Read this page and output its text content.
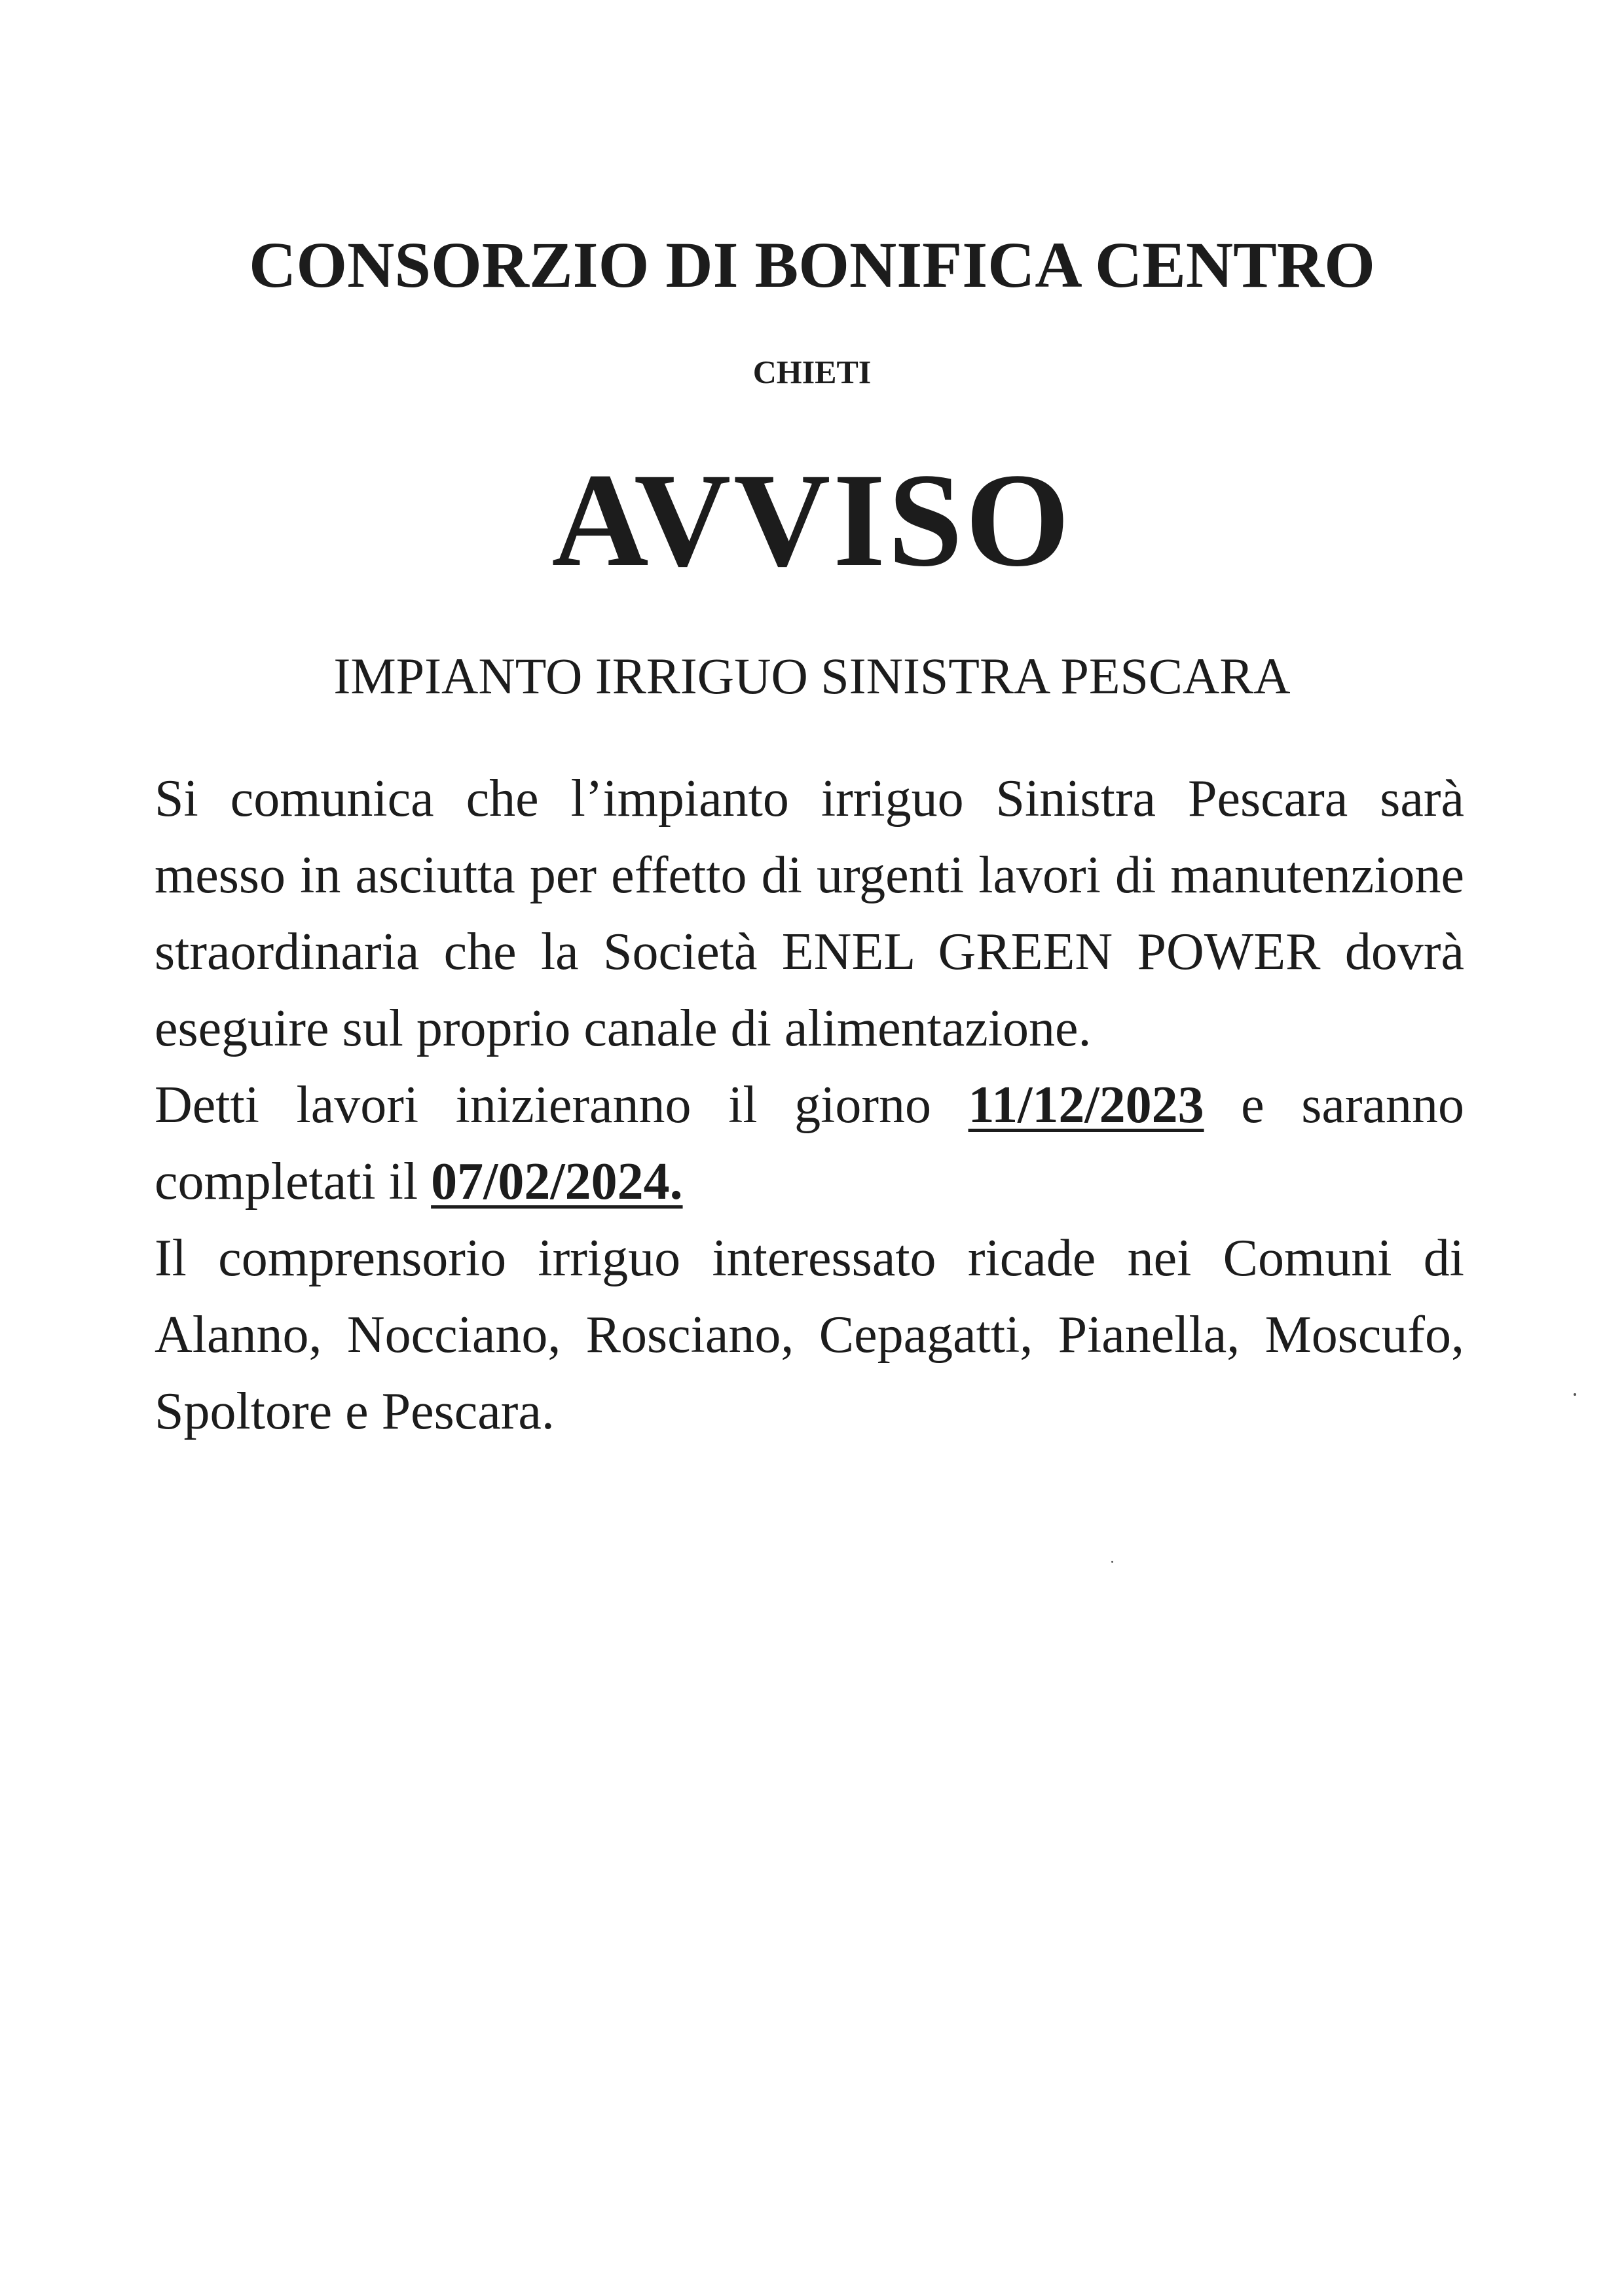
CONSORZIO DI BONIFICA CENTRO
CHIETI
AVVISO
IMPIANTO IRRIGUO SINISTRA PESCARA

Si comunica che l’impianto irriguo Sinistra Pescara sarà messo in asciutta per effetto di urgenti lavori di manutenzione straordinaria che la Società ENEL GREEN POWER dovrà eseguire sul proprio canale di alimentazione.

Detti lavori inizieranno il giorno 11/12/2023 e saranno completati il 07/02/2024.

Il comprensorio irriguo interessato ricade nei Comuni di Alanno, Nocciano, Rosciano, Cepagatti, Pianella, Moscufo, Spoltore e Pescara.
